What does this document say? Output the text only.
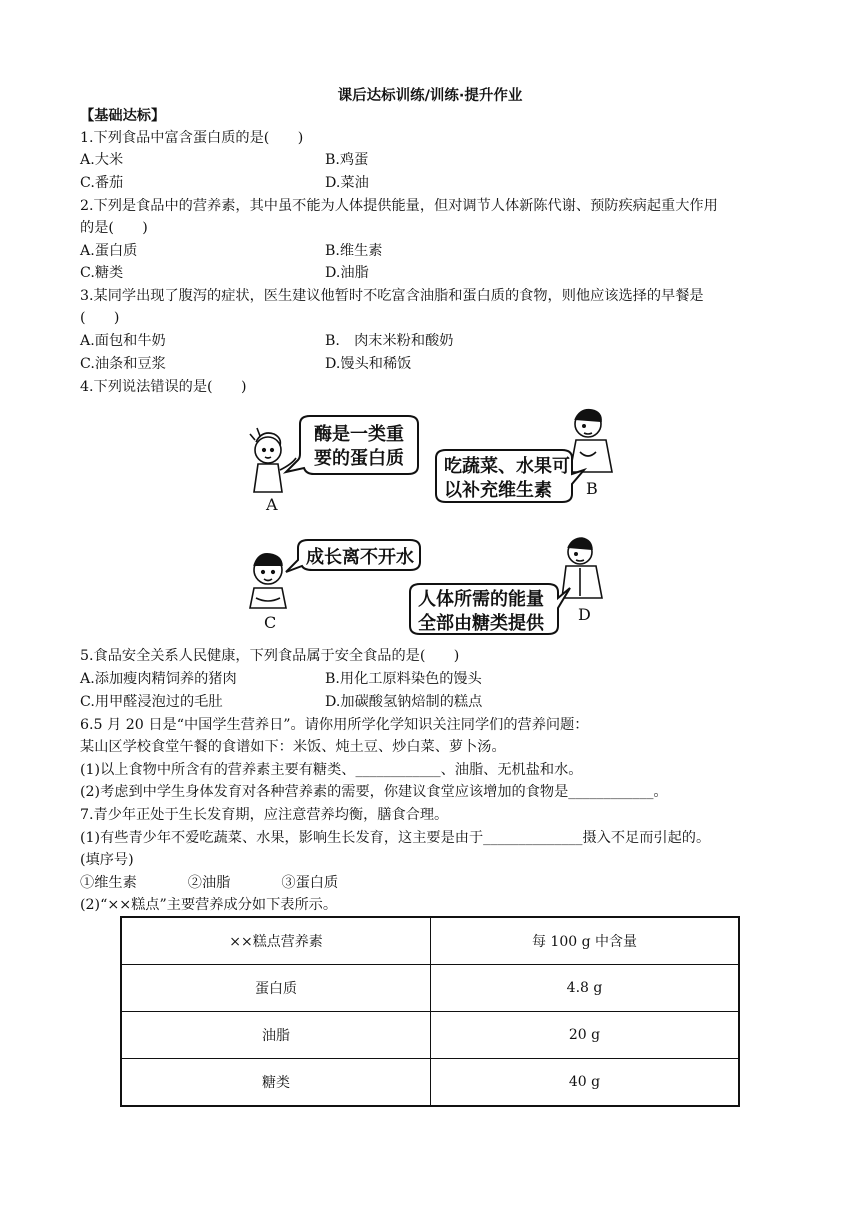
课后达标训练/训练·提升作业
【基础达标】
1.下列食品中富含蛋白质的是(　　)
A.大米	B.鸡蛋
C.番茄	D.菜油
2.下列是食品中的营养素，其中虽不能为人体提供能量，但对调节人体新陈代谢、预防疾病起重大作用
的是(　　)
A.蛋白质	B.维生素
C.糖类	D.油脂
3.某同学出现了腹泻的症状，医生建议他暂时不吃富含油脂和蛋白质的食物，则他应该选择的早餐是
(　　)
A.面包和牛奶	B.　肉末米粉和酸奶
C.油条和豆浆	D.馒头和稀饭
4.下列说法错误的是(　　)
A
酶是一类重
要的蛋白质
B
吃蔬菜、水果可
以补充维生素
C
成长离不开水
D
人体所需的能量
全部由糖类提供
5.食品安全关系人民健康，下列食品属于安全食品的是(　　)
A.添加瘦肉精饲养的猪肉	B.用化工原料染色的馒头
C.用甲醛浸泡过的毛肚	D.加碳酸氢钠焙制的糕点
6.5 月 20 日是“中国学生营养日”。请你用所学化学知识关注同学们的营养问题：
某山区学校食堂午餐的食谱如下：米饭、炖土豆、炒白菜、萝卜汤。
(1)以上食物中所含有的营养素主要有糖类、____________、油脂、无机盐和水。
(2)考虑到中学生身体发育对各种营养素的需要，你建议食堂应该增加的食物是____________。
7.青少年正处于生长发育期，应注意营养均衡，膳食合理。
(1)有些青少年不爱吃蔬菜、水果，影响生长发育，这主要是由于______________摄入不足而引起的。
(填序号)
①维生素	②油脂	③蛋白质
(2)“××糕点”主要营养成分如下表所示。
××糕点营养素	每 100 g 中含量
蛋白质	4.8 g
油脂	20 g
糖类	40 g
